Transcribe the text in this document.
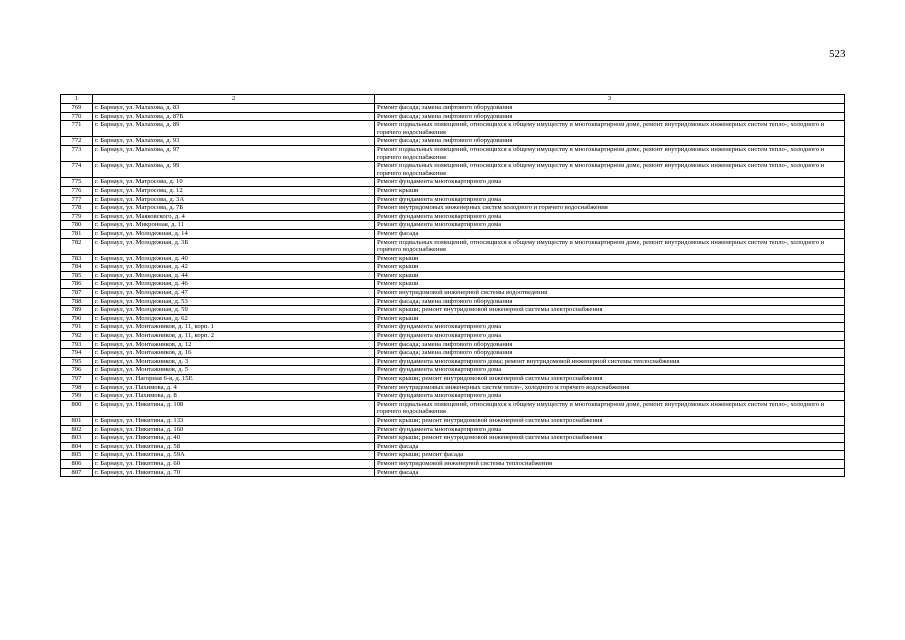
523
1	2	3
769	г. Барнаул, ул. Малахова, д. 83	Ремонт фасада; замена лифтового оборудования
770	г. Барнаул, ул. Малахова, д. 87Б	Ремонт фасада; замена лифтового оборудования
771	г. Барнаул, ул. Малахова, д. 89	Ремонт подвальных помещений, относящихся к общему имуществу в многоквартирном доме, ремонт внутридомовых инженерных систем тепло-, холодного и горячего водоснабжения
772	г. Барнаул, ул. Малахова, д. 93	Ремонт фасада; замена лифтового оборудования
773	г. Барнаул, ул. Малахова, д. 97	Ремонт подвальных помещений, относящихся к общему имуществу в многоквартирном доме, ремонт внутридомовых инженерных систем тепло-, холодного и горячего водоснабжения
774	г. Барнаул, ул. Малахова, д. 99	Ремонт подвальных помещений, относящихся к общему имуществу в многоквартирном доме, ремонт внутридомовых инженерных систем тепло-, холодного и горячего водоснабжения
775	г. Барнаул, ул. Матросова, д. 10	Ремонт фундамента многоквартирного дома
776	г. Барнаул, ул. Матросова, д. 12	Ремонт крыши
777	г. Барнаул, ул. Матросова, д. 3А	Ремонт фундамента многоквартирного дома
778	г. Барнаул, ул. Матросова, д. 7Б	Ремонт внутридомовых инженерных систем холодного и горячего водоснабжения
779	г. Барнаул, ул. Маяковского, д. 4	Ремонт фундамента многоквартирного дома
780	г. Барнаул, ул. Микронная, д. 11	Ремонт фундамента многоквартирного дома
781	г. Барнаул, ул. Молодежная, д. 14	Ремонт фасада
782	г. Барнаул, ул. Молодежная, д. 3Б	Ремонт подвальных помещений, относящихся к общему имуществу в многоквартирном доме, ремонт внутридомовых инженерных систем тепло-, холодного и горячего водоснабжения
783	г. Барнаул, ул. Молодежная, д. 40	Ремонт крыши
784	г. Барнаул, ул. Молодежная, д. 42	Ремонт крыши
785	г. Барнаул, ул. Молодежная, д. 44	Ремонт крыши
786	г. Барнаул, ул. Молодежная, д. 46	Ремонт крыши
787	г. Барнаул, ул. Молодежная, д. 47	Ремонт внутридомовой инженерной системы водоотведения
788	г. Барнаул, ул. Молодежная, д. 53	Ремонт фасада; замена лифтового оборудования
789	г. Барнаул, ул. Молодежная, д. 59	Ремонт крыши; ремонт внутридомовой инженерной системы электроснабжения
790	г. Барнаул, ул. Молодежная, д. 62	Ремонт крыши
791	г. Барнаул, ул. Монтажников, д. 11, корп. 1	Ремонт фундамента многоквартирного дома
792	г. Барнаул, ул. Монтажников, д. 11, корп. 2	Ремонт фундамента многоквартирного дома
793	г. Барнаул, ул. Монтажников, д. 12	Ремонт фасада; замена лифтового оборудования
794	г. Барнаул, ул. Монтажников, д. 16	Ремонт фасада; замена лифтового оборудования
795	г. Барнаул, ул. Монтажников, д. 3	Ремонт фундамента многоквартирного дома; ремонт внутридомовой инженерной системы теплоснабжения
796	г. Барнаул, ул. Монтажников, д. 5	Ремонт фундамента многоквартирного дома
797	г. Барнаул, ул. Нагорная 6-я, д. 15Е	Ремонт крыши; ремонт внутридомовой инженерной системы электроснабжения
798	г. Барнаул, ул. Пахимова, д. 4	Ремонт внутридомовых инженерных систем тепло-, холодного и горячего водоснабжения
799	г. Барнаул, ул. Пахимова, д. 8	Ремонт фундамента многоквартирного дома
800	г. Барнаул, ул. Никитина, д. 108	Ремонт подвальных помещений, относящихся к общему имуществу в многоквартирном доме, ремонт внутридомовых инженерных систем тепло-, холодного и горячего водоснабжения
801	г. Барнаул, ул. Никитина, д. 133	Ремонт крыши; ремонт внутридомовой инженерной системы электроснабжения
802	г. Барнаул, ул. Никитина, д. 160	Ремонт фундамента многоквартирного дома
803	г. Барнаул, ул. Никитина, д. 40	Ремонт крыши; ремонт внутридомовой инженерной системы электроснабжения
804	г. Барнаул, ул. Никитина, д. 58	Ремонт фасада
805	г. Барнаул, ул. Никитина, д. 59А	Ремонт крыши; ремонт фасада
806	г. Барнаул, ул. Никитина, д. 60	Ремонт внутридомовой инженерной системы теплоснабжения
807	г. Барнаул, ул. Никитина, д. 70	Ремонт фасада
